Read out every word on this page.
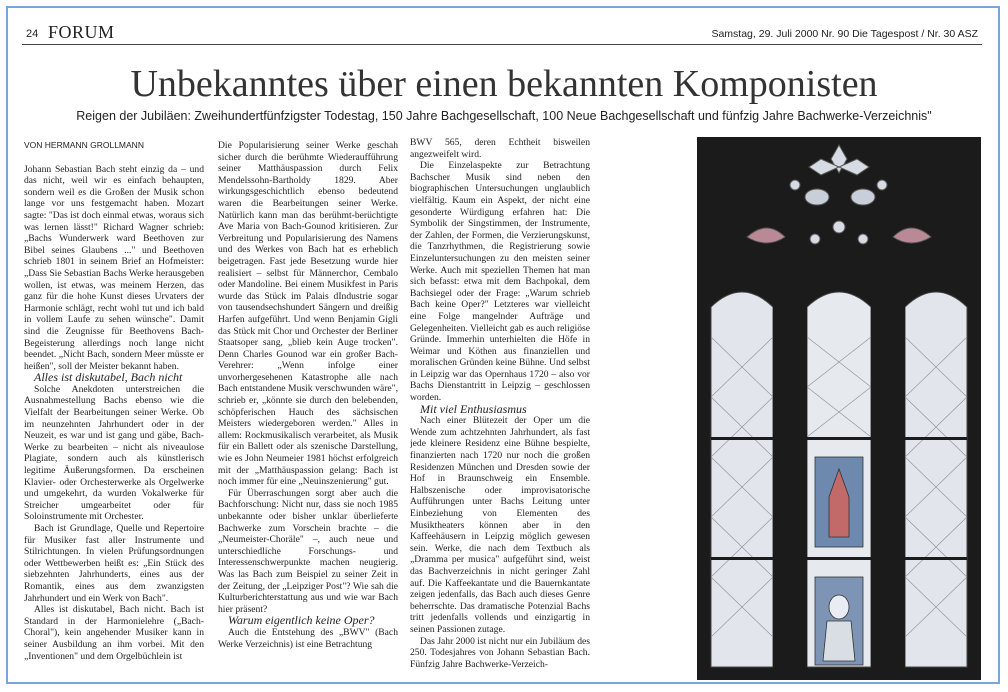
24 FORUM	Samstag, 29. Juli 2000 Nr. 90 Die Tagespost / Nr. 30 ASZ
Unbekanntes über einen bekannten Komponisten
Reigen der Jubiläen: Zweihundertfünfzigster Todestag, 150 Jahre Bachgesellschaft, 100 Neue Bachgesellschaft und fünfzig Jahre Bachwerke-Verzeichnis"
VON HERMANN GROLLMANN

Johann Sebastian Bach steht einzig da – und das nicht, weil wir es einfach behaupten, sondern weil es die Großen der Musik schon lange vor uns festgemacht haben. Mozart sagte: "Das ist doch einmal etwas, woraus sich was lernen lässt!" Richard Wagner schrieb: „Bachs Wunderwerk ward Beethoven zur Bibel seines Glaubens ..." und Beethoven schrieb 1801 in seinem Brief an Hofmeister: „Dass Sie Sebastian Bachs Werke herausgeben wollen, ist etwas, was meinem Herzen, das ganz für die hohe Kunst dieses Urvaters der Harmonie schlägt, recht wohl tut und ich bald in vollem Laufe zu sehen wünsche". Damit sind die Zeugnisse für Beethovens Bach-Begeisterung allerdings noch lange nicht beendet. „Nicht Bach, sondern Meer müsste er heißen", soll der Meister bekannt haben.

Alles ist diskutabel, Bach nicht

Solche Anekdoten unterstreichen die Ausnahmestellung Bachs ebenso wie die Vielfalt der Bearbeitungen seiner Werke. Ob im neunzehnten Jahrhundert oder in der Neuzeit, es war und ist gang und gäbe, Bach-Werke zu bearbeiten – nicht als niveaulose Plagiate, sondern auch als künstlerisch legitime Äußerungsformen. Da erscheinen Klavier- oder Orchesterwerke als Orgelwerke und umgekehrt, da wurden Vokalwerke für Streicher umgearbeitet oder für Soloinstrumente mit Orchester.

Bach ist Grundlage, Quelle und Repertoire für Musiker fast aller Instrumente und Stilrichtungen. In vielen Prüfungsordnungen oder Wettbewerben heißt es: „Ein Stück des siebzehnten Jahrhunderts, eines aus der Romantik, eines aus dem zwanzigsten Jahrhundert und ein Werk von Bach".

Alles ist diskutabel, Bach nicht. Bach ist Standard in der Harmonielehre („Bach-Choral"), kein angehender Musiker kann in seiner Ausbildung an ihm vorbei. Mit den „Inventionen" und dem Orgelbüchlein ist

Die Popularisierung seiner Werke geschah sicher durch die berühmte Wiederaufführung seiner Matthäuspassion durch Felix Mendelssohn-Bartholdy 1829. Aber wirkungsgeschichtlich ebenso bedeutend waren die Bearbeitungen seiner Werke. Natürlich kann man das berühmt-berüchtigte Ave Maria von Bach-Gounod kritisieren. Zur Verbreitung und Popularisierung des Namens und des Werkes von Bach hat es erheblich beigetragen. Fast jede Besetzung wurde hier realisiert – selbst für Männerchor, Cembalo oder Mandoline. Bei einem Musikfest in Paris wurde das Stück im Palais dIndustrie sogar von tausendsechshundert Sängern und dreißig Harfen aufgeführt. Und wenn Benjamin Gigli das Stück mit Chor und Orchester der Berliner Staatsoper sang, „blieb kein Auge trocken". Denn Charles Gounod war ein großer Bach-Verehrer: „Wenn infolge einer unvorhergesehenen Katastrophe alle nach Bach entstandene Musik verschwunden wäre", schrieb er, „könnte sie durch den belebenden, schöpferischen Hauch des sächsischen Meisters wiedergeboren werden." Alles in allem: Rockmusikalisch verarbeitet, als Musik für ein Ballett oder als szenische Darstellung, wie es John Neumeier 1981 höchst erfolgreich mit der „Matthäuspassion gelang: Bach ist noch immer für eine „Neuinszenierung" gut.

Für Überraschungen sorgt aber auch die Bachforschung: Nicht nur, dass sie noch 1985 unbekannte oder bisher unklar überlieferte Bachwerke zum Vorschein brachte – die „Neumeister-Choräle" –, auch neue und unterschiedliche Forschungs- und Interessenschwerpunkte machen neugierig. Was las Bach zum Beispiel zu seiner Zeit in der Zeitung, der „Leipziger Post"? Wie sah die Kulturberichterstattung aus und wie war Bach hier präsent?

Warum eigentlich keine Oper?

Auch die Entstehung des „BWV" (Bach Werke Verzeichnis) ist eine Betrachtung

BWV 565, deren Echtheit bisweilen angezweifelt wird.

Die Einzelaspekte zur Betrachtung Bachscher Musik sind neben den biographischen Untersuchungen unglaublich vielfältig. Kaum ein Aspekt, der nicht eine gesonderte Würdigung erfahren hat: Die Symbolik der Singstimmen, der Instrumente, der Zahlen, der Formen, die Verzierungskunst, die Tanzrhythmen, die Registrierung sowie Einzeluntersuchungen zu den meisten seiner Werke. Auch mit speziellen Themen hat man sich befasst: etwa mit dem Bachpokal, dem Bachsiegel oder der Frage: „Warum schrieb Bach keine Oper?" Letzteres war vielleicht eine Folge mangelnder Aufträge und Gelegenheiten. Vielleicht gab es auch religiöse Gründe. Immerhin unterhielten die Höfe in Weimar und Köthen aus finanziellen und moralischen Gründen keine Bühne. Und selbst in Leipzig war das Opernhaus 1720 – also vor Bachs Dienstantritt in Leipzig – geschlossen worden.

Mit viel Enthusiasmus

Nach einer Blütezeit der Oper um die Wende zum achtzehnten Jahrhundert, als fast jede kleinere Residenz eine Bühne bespielte, finanzierten nach 1720 nur noch die großen Residenzen München und Dresden sowie der Hof in Braunschweig ein Ensemble. Halbszenische oder improvisatorische Aufführungen unter Bachs Leitung unter Einbeziehung von Elementen des Musiktheaters können aber in den Kaffeehäusern in Leipzig möglich gewesen sein. Werke, die nach dem Textbuch als „Dramma per musica" aufgeführt sind, weist das Bachverzeichnis in nicht geringer Zahl auf. Die Kaffeekantate und die Bauernkantate zeigen jedenfalls, das Bach auch dieses Genre beherrschte. Das dramatische Potenzial Bachs tritt jedenfalls vollends und einzigartig in seinen Passionen zutage.

Das Jahr 2000 ist nicht nur ein Jubiläum des 250. Todesjahres von Johann Sebastian Bach. Fünfzig Jahre Bachwerke-Verzeich-
